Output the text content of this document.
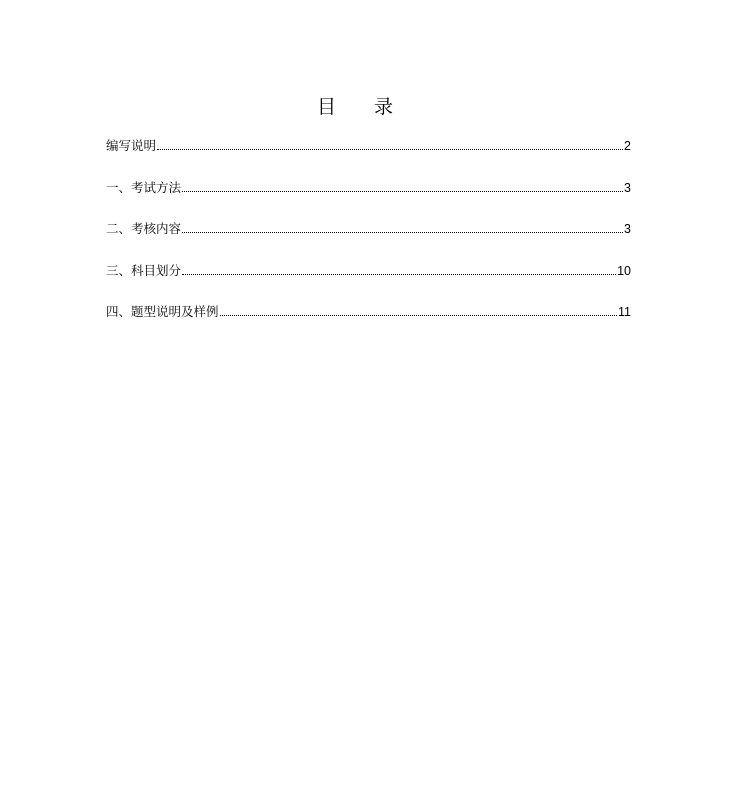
目　　录
编写说明	2
一、考试方法	3
二、考核内容	3
三、科目划分	10
四、题型说明及样例	11
